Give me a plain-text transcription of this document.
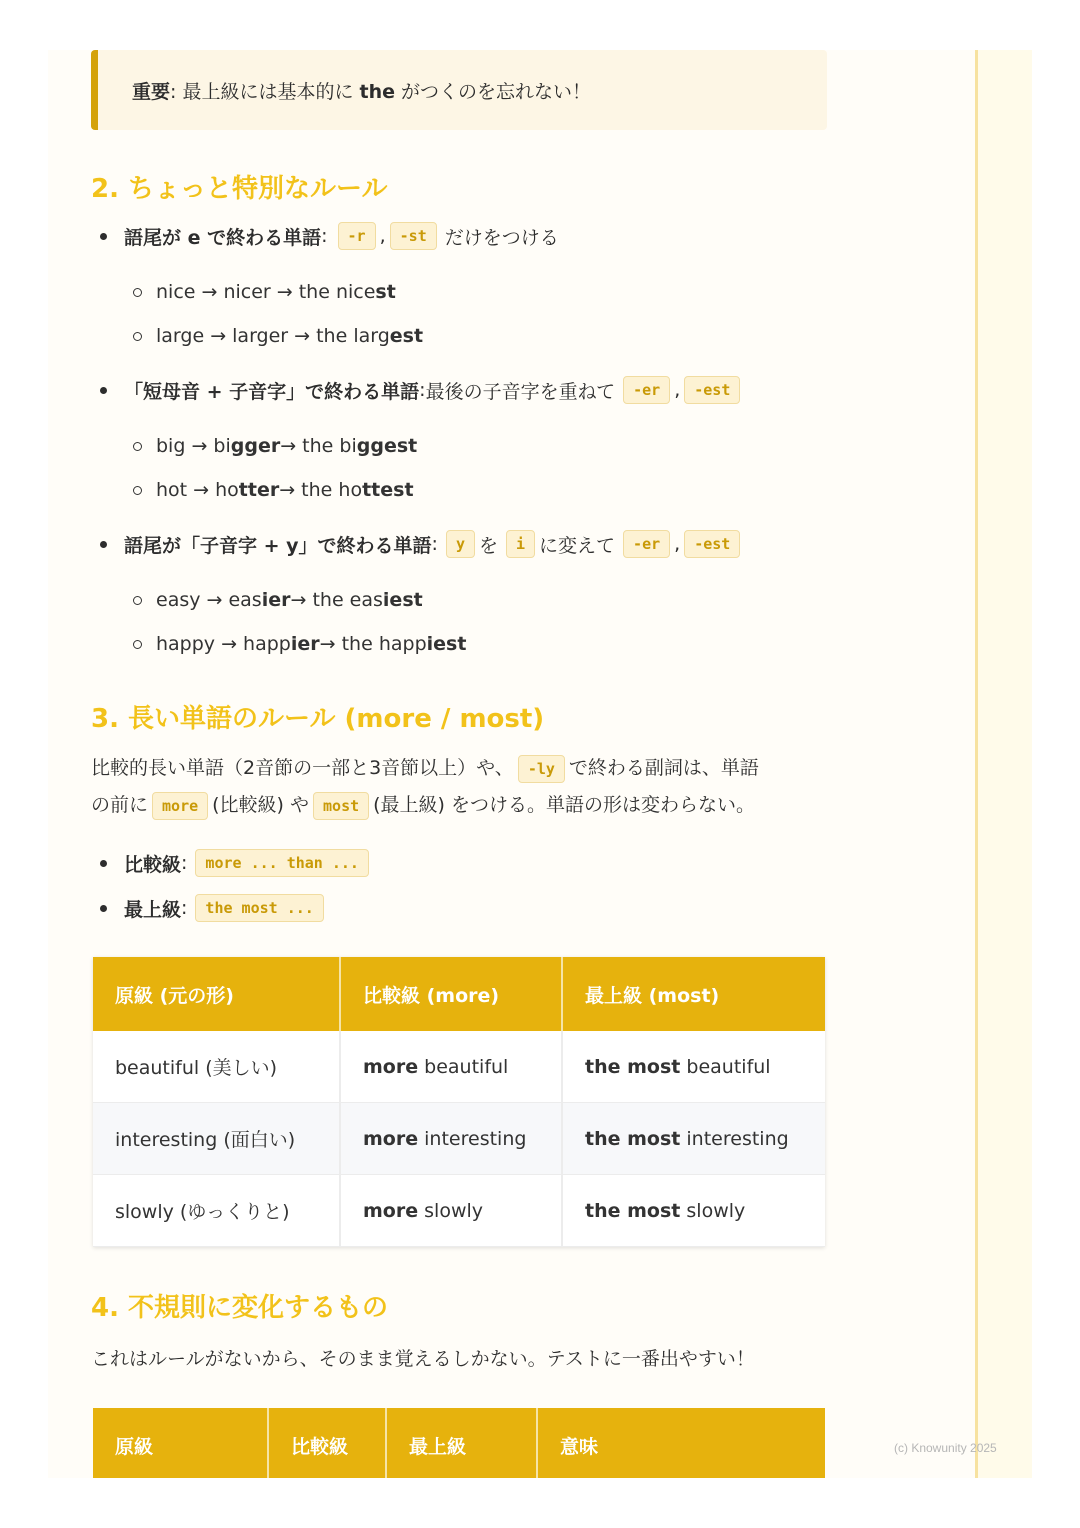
重要: 最上級には基本的に the がつくのを忘れない！
2. ちょっと特別なルール
語尾が e で終わる単語 :	-r , -st だけをつける
nice → nicer → the nice st
large → larger → the larg est
「短母音 + 子音字」で終わる単語 : 最後の子音字を重ねて	-er , -est
big → bi gger → the bi ggest
hot → ho tter → the ho ttest
語尾が「子音字 + y」で終わる単語 :	y を	i に変えて	-er , -est
easy → eas ier → the eas iest
happy → happ ier → the happ iest
3. 長い単語のルール (more / most)
比較的長い単語（2音節の一部と3音節以上）や、 -ly で終わる副詞は、単語
の前に more (比較級) や most (最上級) をつける。単語の形は変わらない。
比較級 :	more ... than ...
最上級 :	the most ...
原級 (元の形)	比較級 (more)	最上級 (most)
beautiful (美しい)	more beautiful	the most beautiful
interesting (面白い)	more interesting	the most interesting
slowly (ゆっくりと)	more slowly	the most slowly
4. 不規則に変化するもの
これはルールがないから、そのまま覚えるしかない。テストに一番出やすい！
原級	比較級	最上級	意味	(c) Knowunity 2025
